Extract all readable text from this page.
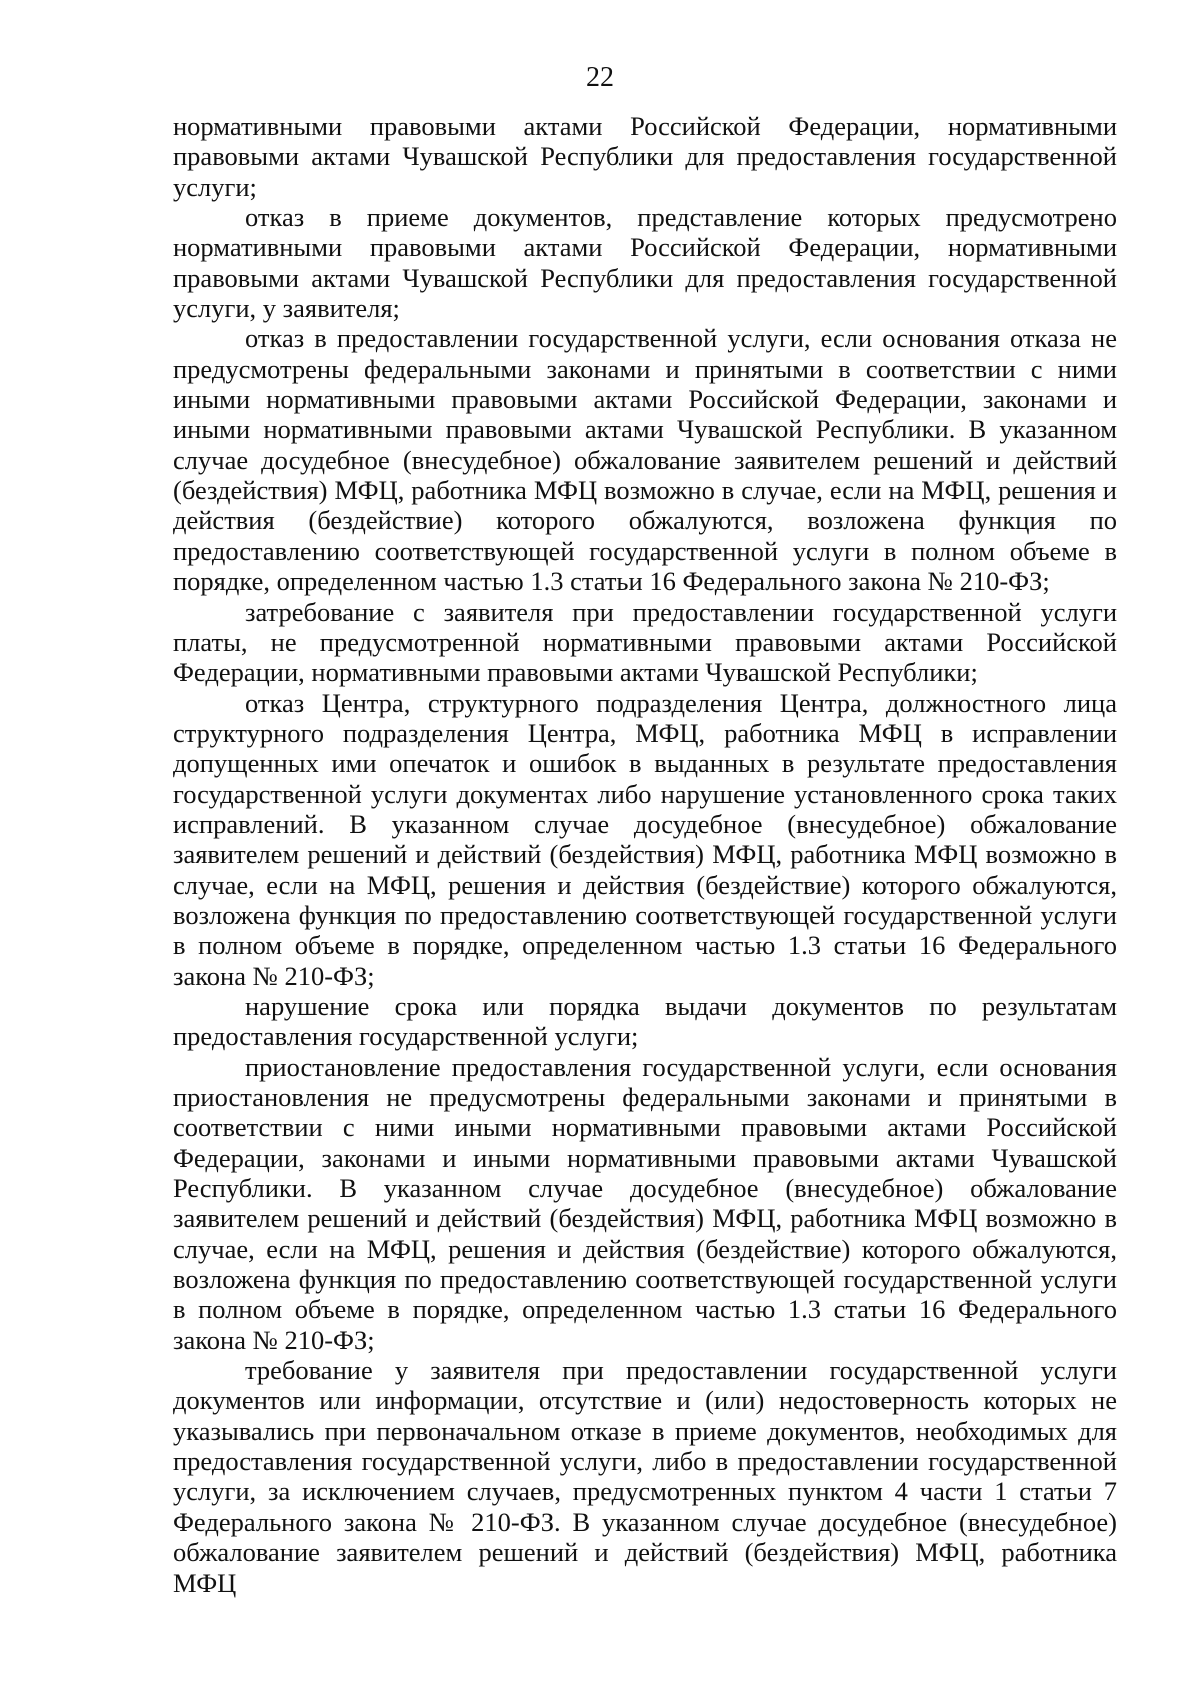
22

нормативными правовыми актами Российской Федерации, нормативными правовыми актами Чувашской Республики для предоставления государственной услуги;

отказ в приеме документов, представление которых предусмотрено нормативными правовыми актами Российской Федерации, нормативными правовыми актами Чувашской Республики для предоставления государственной услуги, у заявителя;

отказ в предоставлении государственной услуги, если основания отказа не предусмотрены федеральными законами и принятыми в соответствии с ними иными нормативными правовыми актами Российской Федерации, законами и иными нормативными правовыми актами Чувашской Республики. В указанном случае досудебное (внесудебное) обжалование заявителем решений и действий (бездействия) МФЦ, работника МФЦ возможно в случае, если на МФЦ, решения и действия (бездействие) которого обжалуются, возложена функция по предоставлению соответствующей государственной услуги в полном объеме в порядке, определенном частью 1.3 статьи 16 Федерального закона № 210-ФЗ;

затребование с заявителя при предоставлении государственной услуги платы, не предусмотренной нормативными правовыми актами Российской Федерации, нормативными правовыми актами Чувашской Республики;

отказ Центра, структурного подразделения Центра, должностного лица структурного подразделения Центра, МФЦ, работника МФЦ в исправлении допущенных ими опечаток и ошибок в выданных в результате предоставления государственной услуги документах либо нарушение установленного срока таких исправлений. В указанном случае досудебное (внесудебное) обжалование заявителем решений и действий (бездействия) МФЦ, работника МФЦ возможно в случае, если на МФЦ, решения и действия (бездействие) которого обжалуются, возложена функция по предоставлению соответствующей государственной услуги в полном объеме в порядке, определенном частью 1.3 статьи 16 Федерального закона № 210-ФЗ;

нарушение срока или порядка выдачи документов по результатам предоставления государственной услуги;

приостановление предоставления государственной услуги, если основания приостановления не предусмотрены федеральными законами и принятыми в соответствии с ними иными нормативными правовыми актами Российской Федерации, законами и иными нормативными правовыми актами Чувашской Республики. В указанном случае досудебное (внесудебное) обжалование заявителем решений и действий (бездействия) МФЦ, работника МФЦ возможно в случае, если на МФЦ, решения и действия (бездействие) которого обжалуются, возложена функция по предоставлению соответствующей государственной услуги в полном объеме в порядке, определенном частью 1.3 статьи 16 Федерального закона № 210-ФЗ;

требование у заявителя при предоставлении государственной услуги документов или информации, отсутствие и (или) недостоверность которых не указывались при первоначальном отказе в приеме документов, необходимых для предоставления государственной услуги, либо в предоставлении государственной услуги, за исключением случаев, предусмотренных пунктом 4 части 1 статьи 7 Федерального закона № 210-ФЗ. В указанном случае досудебное (внесудебное) обжалование заявителем решений и действий (бездействия) МФЦ, работника МФЦ
